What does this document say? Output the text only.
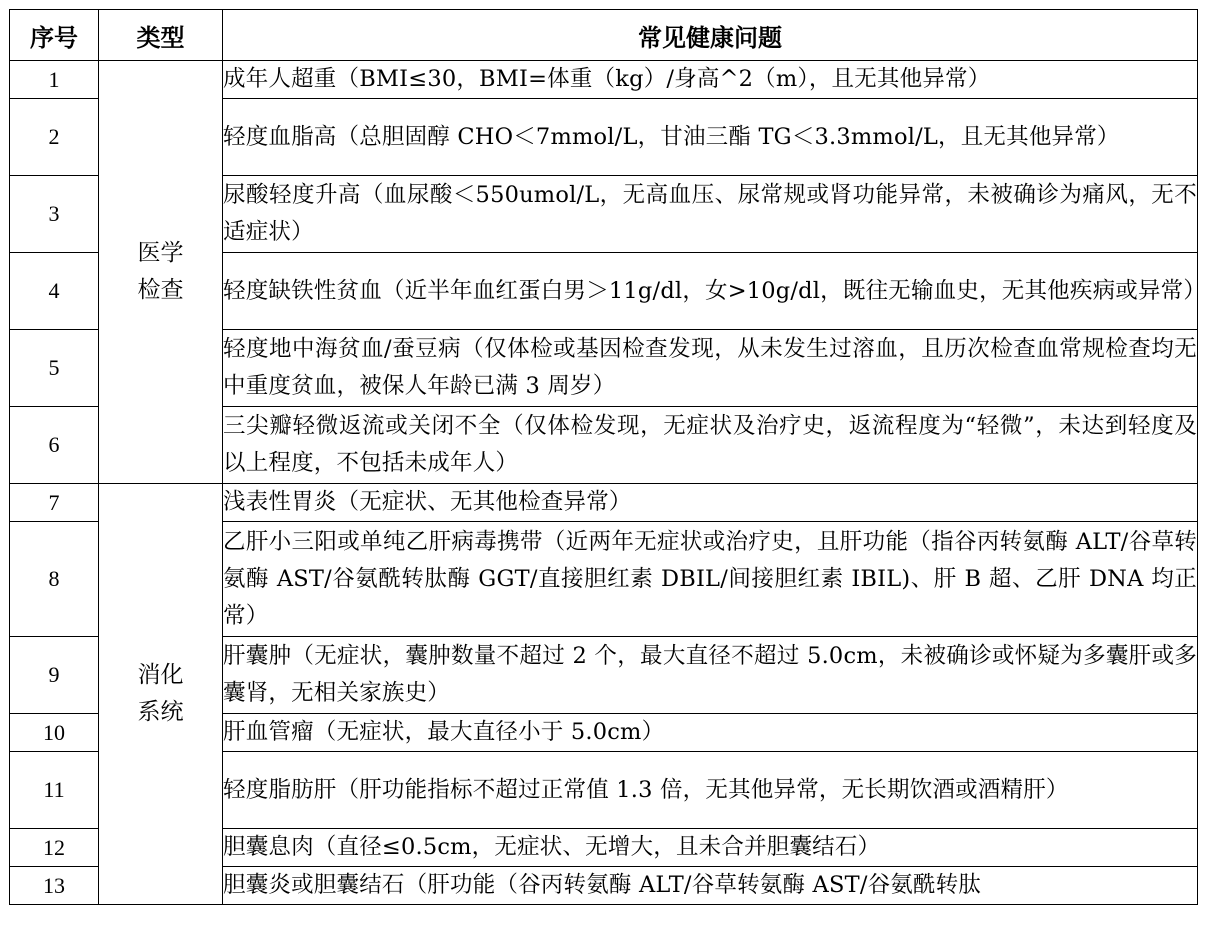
序号	类型	常见健康问题
1	医学检查	成年人超重（BMI≤30，BMI=体重（kg）/身高^2（m），且无其他异常）
2		轻度血脂高（总胆固醇 CHO＜7mmol/L，甘油三酯 TG＜3.3mmol/L，且无其他异常）
3		尿酸轻度升高（血尿酸＜550umol/L，无高血压、尿常规或肾功能异常，未被确诊为痛风，无不适症状）
4		轻度缺铁性贫血（近半年血红蛋白男＞11g/dl，女>10g/dl，既往无输血史，无其他疾病或异常）
5		轻度地中海贫血/蚕豆病（仅体检或基因检查发现，从未发生过溶血，且历次检查血常规检查均无中重度贫血，被保人年龄已满 3 周岁）
6		三尖瓣轻微返流或关闭不全（仅体检发现，无症状及治疗史，返流程度为“轻微”，未达到轻度及以上程度，不包括未成年人）
7	消化系统	浅表性胃炎（无症状、无其他检查异常）
8		乙肝小三阳或单纯乙肝病毒携带（近两年无症状或治疗史，且肝功能（指谷丙转氨酶 ALT/谷草转氨酶 AST/谷氨酰转肽酶 GGT/直接胆红素 DBIL/间接胆红素 IBIL)、肝 B 超、乙肝 DNA 均正常）
9		肝囊肿（无症状，囊肿数量不超过 2 个，最大直径不超过 5.0cm，未被确诊或怀疑为多囊肝或多囊肾，无相关家族史）
10		肝血管瘤（无症状，最大直径小于 5.0cm）
11		轻度脂肪肝（肝功能指标不超过正常值 1.3 倍，无其他异常，无长期饮酒或酒精肝）
12		胆囊息肉（直径≤0.5cm，无症状、无增大，且未合并胆囊结石）
13		胆囊炎或胆囊结石（肝功能（谷丙转氨酶 ALT/谷草转氨酶 AST/谷氨酰转肽
